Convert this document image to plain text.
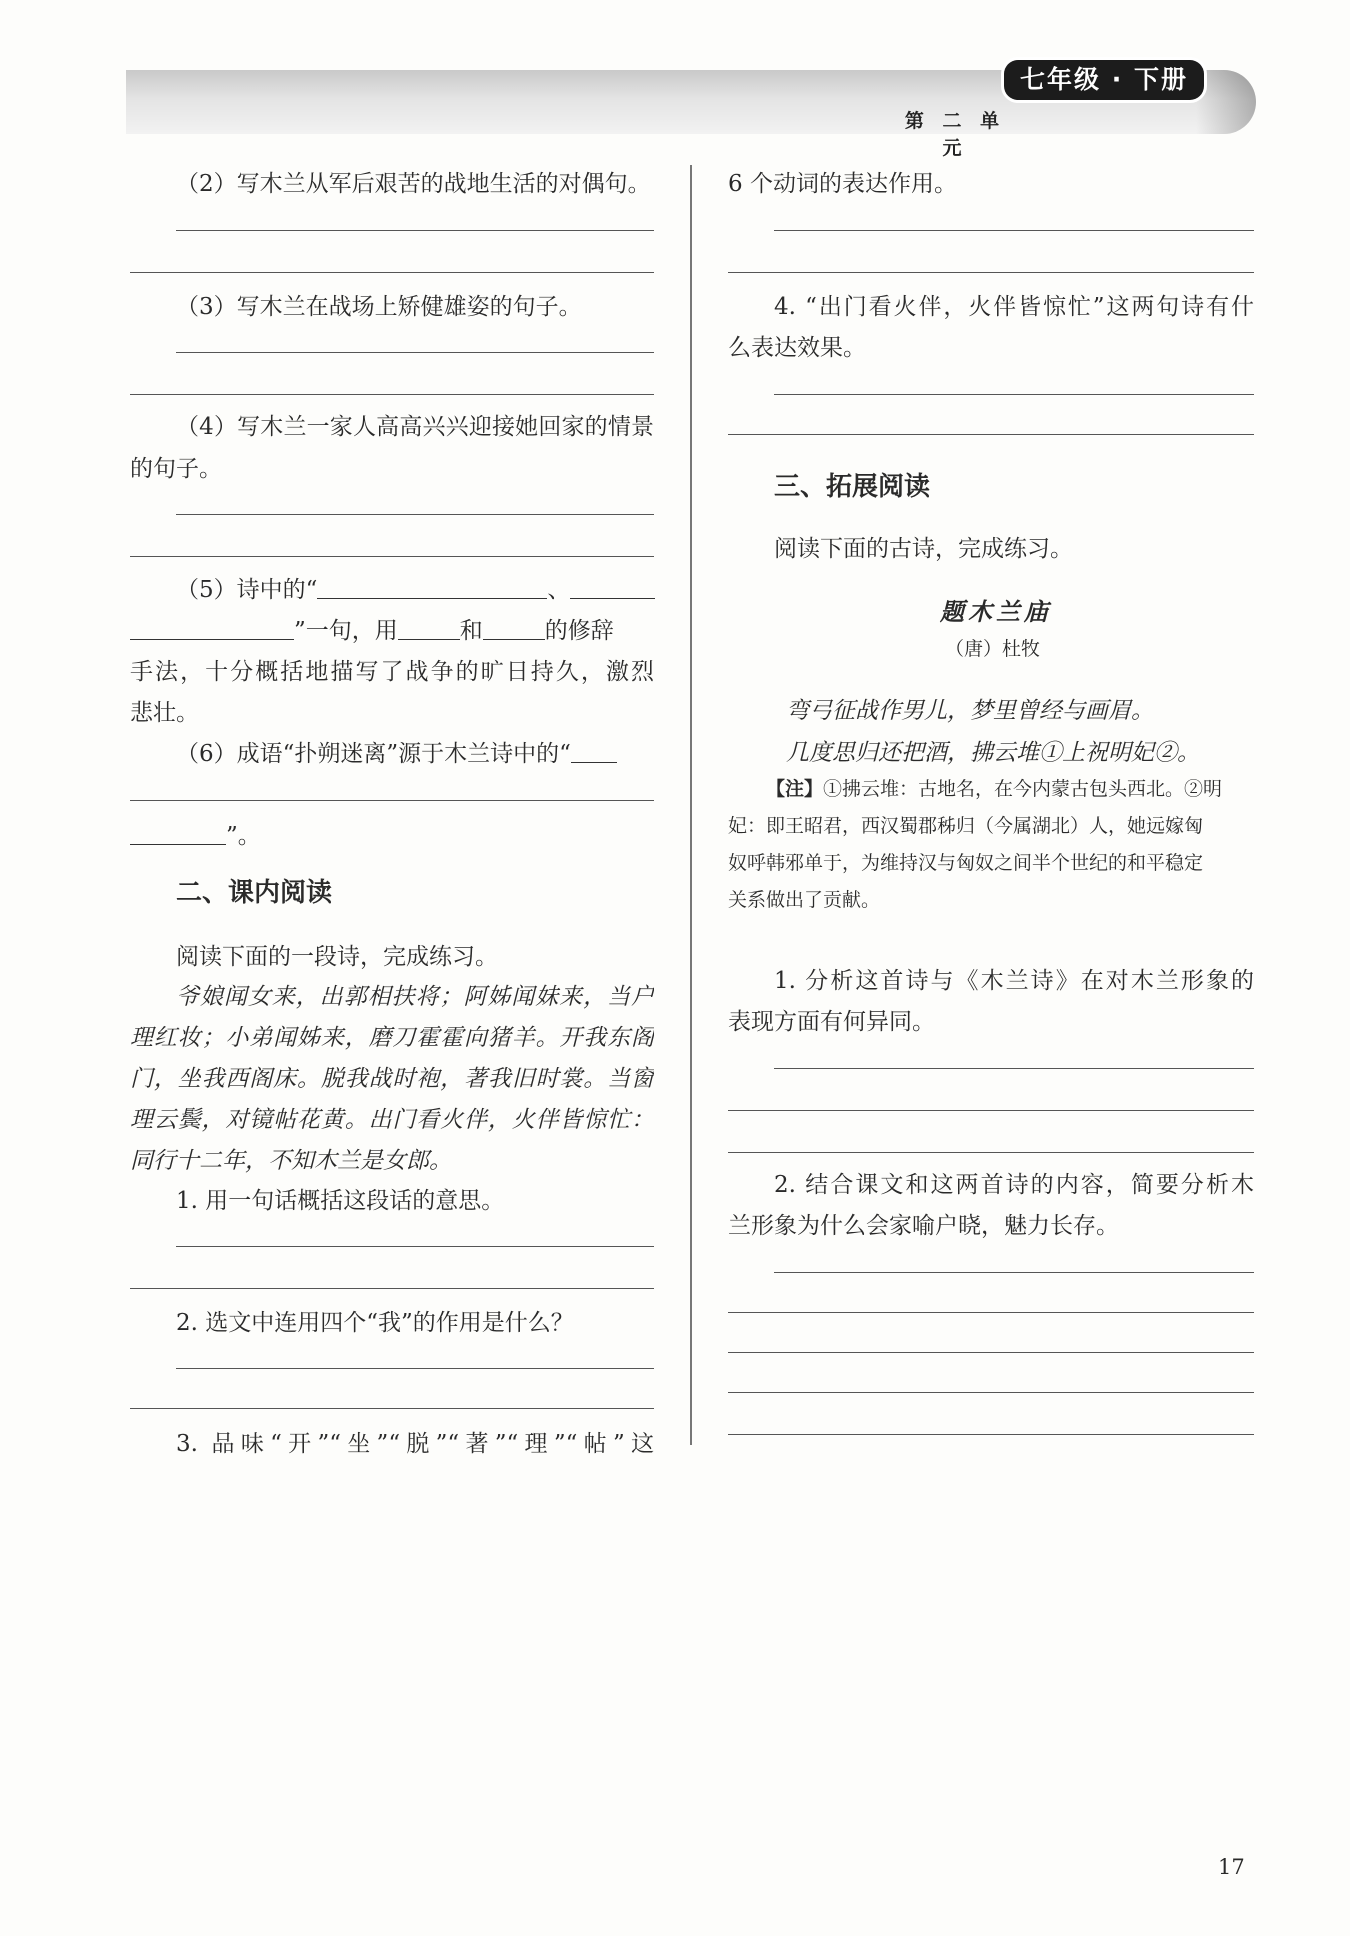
七年级 · 下册
第 二 单 元
（2）写木兰从军后艰苦的战地生活的对偶句。
（3）写木兰在战场上矫健雄姿的句子。
（4）写木兰一家人高高兴兴迎接她回家的情景
的句子。
（5）诗中的“	、
”一句，用	和	的修辞
手法，十分概括地描写了战争的旷日持久，激烈
悲壮。
（6）成语“扑朔迷离”源于木兰诗中的“
”。
二、课内阅读
阅读下面的一段诗，完成练习。
爷娘闻女来，出郭相扶将；阿姊闻妹来，当户
理红妆；小弟闻姊来，磨刀霍霍向猪羊。开我东阁
门，坐我西阁床。脱我战时袍，著我旧时裳。当窗
理云鬓，对镜帖花黄。出门看火伴，火伴皆惊忙：
同行十二年，不知木兰是女郎。
1. 用一句话概括这段话的意思。
2. 选文中连用四个“我”的作用是什么？
3. 品味“开”“坐”“脱”“著”“理”“帖”这
6 个动词的表达作用。
4. “出门看火伴，火伴皆惊忙”这两句诗有什
么表达效果。
三、拓展阅读
阅读下面的古诗，完成练习。
题木兰庙
（唐）杜牧
弯弓征战作男儿，梦里曾经与画眉。
几度思归还把酒，拂云堆①上祝明妃②。
【注】①拂云堆：古地名，在今内蒙古包头西北。②明
妃：即王昭君，西汉蜀郡秭归（今属湖北）人，她远嫁匈
奴呼韩邪单于，为维持汉与匈奴之间半个世纪的和平稳定
关系做出了贡献。
1. 分析这首诗与《木兰诗》在对木兰形象的
表现方面有何异同。
2. 结合课文和这两首诗的内容，简要分析木
兰形象为什么会家喻户晓，魅力长存。
17
